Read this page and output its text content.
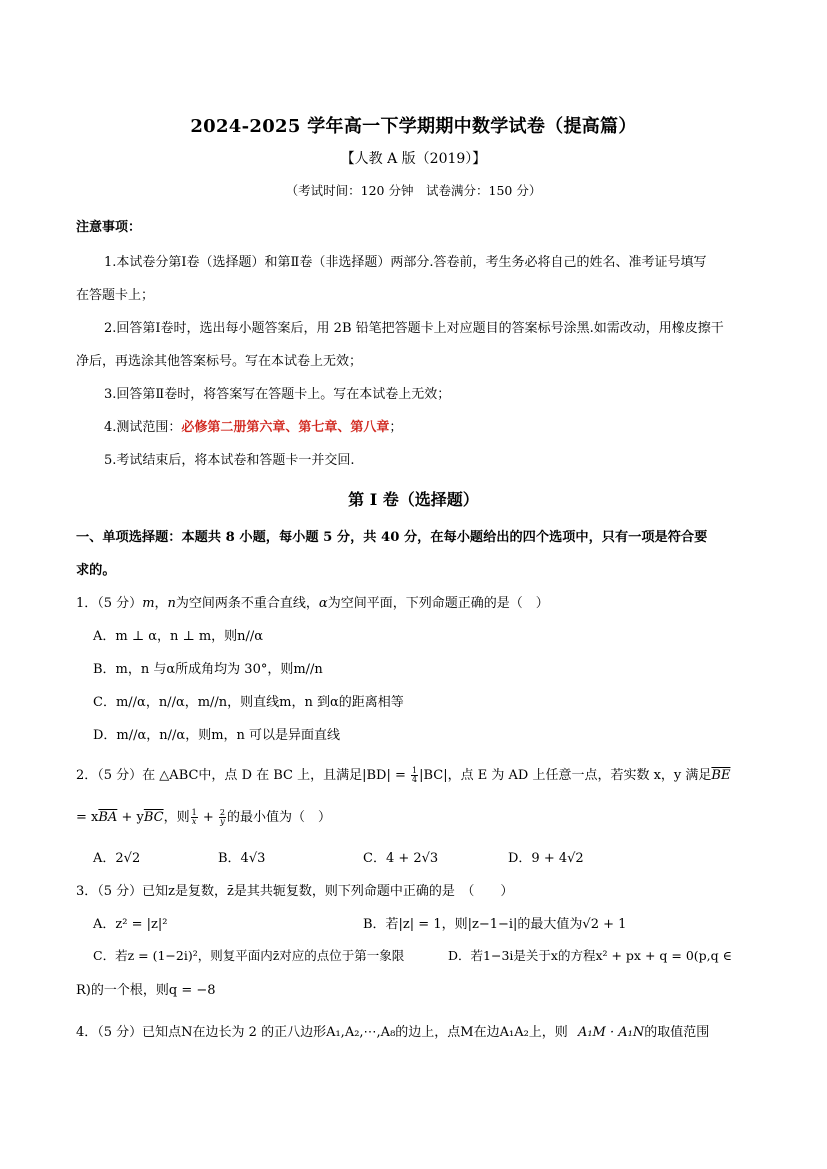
2024-2025 学年高一下学期期中数学试卷（提高篇）
【人教 A 版（2019）】
（考试时间：120 分钟　试卷满分：150 分）
注意事项：
1.本试卷分第Ⅰ卷（选择题）和第Ⅱ卷（非选择题）两部分.答卷前，考生务必将自己的姓名、准考证号填写
在答题卡上；
2.回答第Ⅰ卷时，选出每小题答案后，用 2B 铅笔把答题卡上对应题目的答案标号涂黑.如需改动，用橡皮擦干
净后，再选涂其他答案标号。写在本试卷上无效；
3.回答第Ⅱ卷时，将答案写在答题卡上。写在本试卷上无效；
4.测试范围：必修第二册第六章、第七章、第八章；
5.考试结束后，将本试卷和答题卡一并交回.
第 I 卷（选择题）
一、单项选择题：本题共 8 小题，每小题 5 分，共 40 分，在每小题给出的四个选项中，只有一项是符合要
求的。
1．（5 分）m，n为空间两条不重合直线，α为空间平面，下列命题正确的是（　）
A．m ⊥ α，n ⊥ m，则n//α
B．m，n 与α所成角均为 30°，则m//n
C．m//α，n//α，m//n，则直线m，n 到α的距离相等
D．m//α，n//α，则m，n 可以是异面直线
2．（5 分）在 △ABC中，点 D 在 BC 上，且满足$|BD| = \frac{1}{4} |BC|$，点 E 为 AD 上任意一点，若实数 x，y 满足$\overline{BE}$
= $x\overline{BA} + y\overline{BC}$，则 $\frac{1}{x} + \frac{2}{y}$ 的最小值为（　）
A．2√2	B．4√3	C．4 + 2√3	D．9 + 4√2
3．（5 分）已知z是复数，z̄是其共轭复数，则下列命题中正确的是　（　　）
A．z² = |z|²	B．若|z| = 1，则|z−1−i|的最大值为√2 + 1
C．若z = (1−2i)²，则复平面内z̄对应的点位于第一象限	D．若1−3i是关于x的方程x² + px + q = 0(p,q ∈
R)的一个根，则q = −8
4．（5 分）已知点N在边长为 2 的正八边形A₁,A₂,⋯,A₈的边上，点M在边A₁A₂上，则 A₁M · A₁N的取值范围
